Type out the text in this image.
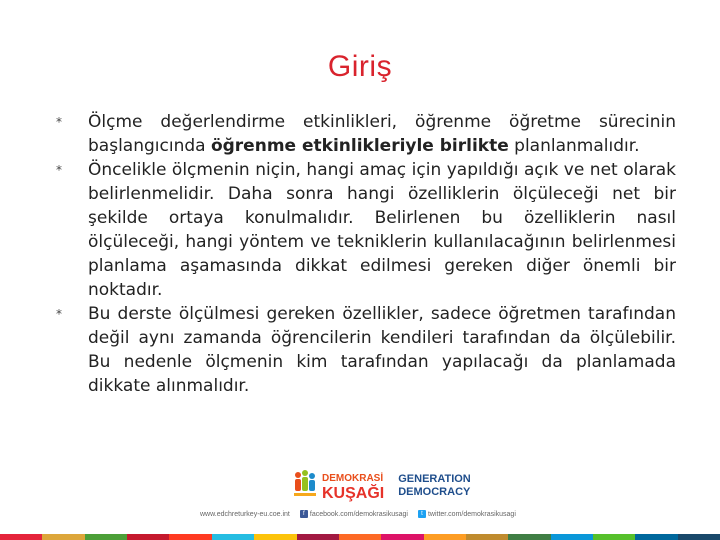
Giriş
* Ölçme değerlendirme etkinlikleri, öğrenme öğretme sürecinin başlangıcında öğrenme etkinlikleriyle birlikte planlanmalıdır.
* Öncelikle ölçmenin niçin, hangi amaç için yapıldığı açık ve net olarak belirlenmelidir. Daha sonra hangi özelliklerin ölçüleceği net bir şekilde ortaya konulmalıdır. Belirlenen bu özelliklerin nasıl ölçüleceği, hangi yöntem ve tekniklerin kullanılacağının belirlenmesi planlama aşamasında dikkat edilmesi gereken diğer önemli bir noktadır.
* Bu derste ölçülmesi gereken özellikler, sadece öğretmen tarafından değil aynı zamanda öğrencilerin kendileri tarafından da ölçülebilir. Bu nedenle ölçmenin kim tarafından yapılacağı da planlamada dikkate alınmalıdır.
DEMOKRASİ
KUŞAĞI
GENERATION
DEMOCRACY
www.edchreturkey-eu.coe.int	f facebook.com/demokrasikusagi	t twitter.com/demokrasikusagi
